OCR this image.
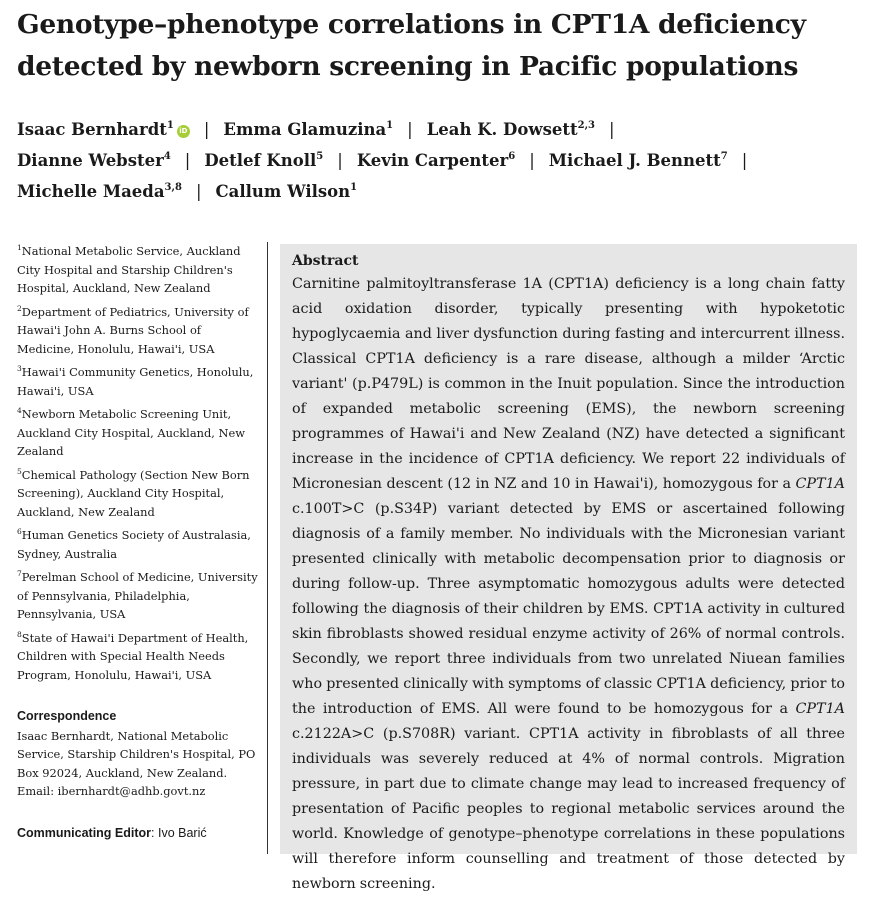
Genotype–phenotype correlations in CPT1A deficiency detected by newborn screening in Pacific populations
Isaac Bernhardt$^1$iD | Emma Glamuzina$^1$ | Leah K. Dowsett$^{2,3}$ |
Dianne Webster$^4$ | Detlef Knoll$^5$ | Kevin Carpenter$^6$ | Michael J. Bennett$^7$ |
Michelle Maeda$^{3,8}$ | Callum Wilson$^1$

$^1$National Metabolic Service, Auckland City Hospital and Starship Children's Hospital, Auckland, New Zealand

$^2$Department of Pediatrics, University of Hawai'i John A. Burns School of Medicine, Honolulu, Hawai'i, USA

$^3$Hawai'i Community Genetics, Honolulu, Hawai'i, USA

$^4$Newborn Metabolic Screening Unit, Auckland City Hospital, Auckland, New Zealand

$^5$Chemical Pathology (Section New Born Screening), Auckland City Hospital, Auckland, New Zealand

$^6$Human Genetics Society of Australasia, Sydney, Australia

$^7$Perelman School of Medicine, University of Pennsylvania, Philadelphia, Pennsylvania, USA

$^8$State of Hawai'i Department of Health, Children with Special Health Needs Program, Honolulu, Hawai'i, USA

Correspondence

Isaac Bernhardt, National Metabolic Service, Starship Children's Hospital, PO Box 92024, Auckland, New Zealand.

Email: ibernhardt@adhb.govt.nz

Communicating Editor: Ivo Barić
Abstract

Carnitine palmitoyltransferase 1A (CPT1A) deficiency is a long chain fatty acid oxidation disorder, typically presenting with hypoketotic hypoglycaemia and liver dysfunction during fasting and intercurrent illness. Classical CPT1A deficiency is a rare disease, although a milder ‘Arctic variant' (p.P479L) is common in the Inuit population. Since the introduction of expanded metabolic screening (EMS), the newborn screening programmes of Hawai'i and New Zealand (NZ) have detected a significant increase in the incidence of CPT1A deficiency. We report 22 individuals of Micronesian descent (12 in NZ and 10 in Hawai'i), homozygous for a CPT1A c.100T>C (p.S34P) variant detected by EMS or ascertained following diagnosis of a family member. No individuals with the Micronesian variant presented clinically with metabolic decompensation prior to diagnosis or during follow-up. Three asymptomatic homozygous adults were detected following the diagnosis of their children by EMS. CPT1A activity in cultured skin fibroblasts showed residual enzyme activity of 26% of normal controls. Secondly, we report three individuals from two unrelated Niuean families who presented clinically with symptoms of classic CPT1A deficiency, prior to the introduction of EMS. All were found to be homozygous for a CPT1A c.2122A>C (p.S708R) variant. CPT1A activity in fibroblasts of all three individuals was severely reduced at 4% of normal controls. Migration pressure, in part due to climate change may lead to increased frequency of presentation of Pacific peoples to regional metabolic services around the world. Knowledge of genotype–phenotype correlations in these populations will therefore inform counselling and treatment of those detected by newborn screening.
